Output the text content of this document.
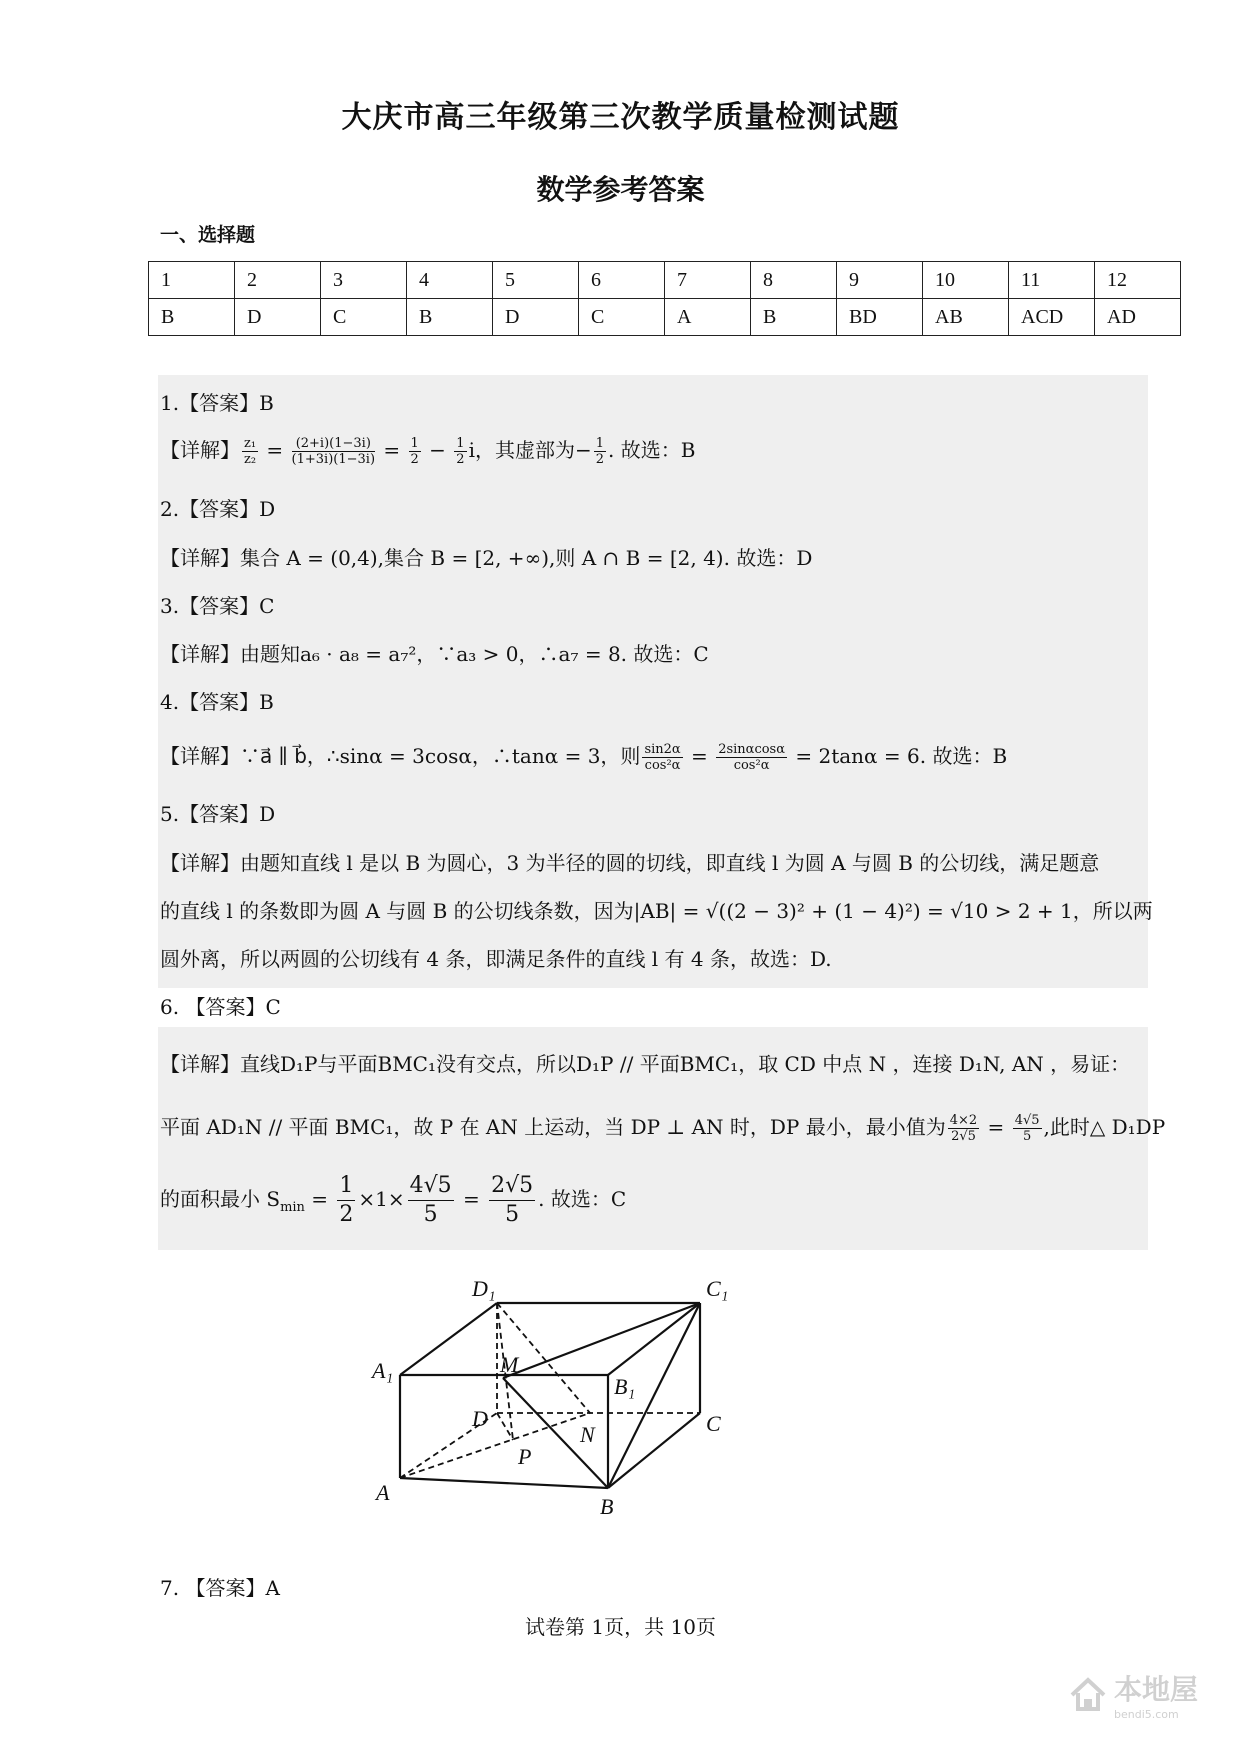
大庆市高三年级第三次教学质量检测试题
数学参考答案
一、选择题
1	2	3	4	5	6	7	8	9	10	11	12
B	D	C	B	D	C	A	B	BD	AB	ACD	AD
1.【答案】B
【详解】 $\frac{\text{z₁}}{\text{z₂}} = \frac{(2+i)(1-3i)}{(1+3i)(1-3i)} = \frac{1}{2} - \frac{1}{2}$ i，其虚部为− $\frac{1}{2}$ . 故选：B
2.【答案】D
【详解】集合 A = (0,4),集合 B = [2, +∞),则 A ∩ B = [2, 4). 故选：D
3.【答案】C
【详解】由题知a₆ · a₈ = a₇²，∵a₃ > 0，∴a₇ = 8. 故选：C
4.【答案】B
【详解】∵a⃗ ∥ b⃗，∴sinα = 3cosα，∴tanα = 3，则 $\frac{\sin 2\alpha}{\text{cos²α}} = \frac{2\sin\alpha\cos\alpha}{\text{cos²α}} = 2\tan\alpha = 6$. 故选：B
5.【答案】D
【详解】由题知直线 l 是以 B 为圆心，3 为半径的圆的切线，即直线 l 为圆 A 与圆 B 的公切线，满足题意
的直线 l 的条数即为圆 A 与圆 B 的公切线条数，因为|AB| = √((2 − 3)² + (1 − 4)²) = √10 > 2 + 1，所以两
圆外离，所以两圆的公切线有 4 条，即满足条件的直线 l 有 4 条，故选：D.
6. 【答案】C
【详解】直线D₁P与平面BMC₁没有交点，所以D₁P // 平面BMC₁，取 CD 中点 N ，连接 D₁N, AN ，易证：
平面 AD₁N // 平面 BMC₁，故 P 在 AN 上运动，当 DP ⊥ AN 时，DP 最小，最小值为 $\frac{4\times 2}{2√5} = \frac{4√5}{5}$ ,此时△ D₁DP
的面积最小 $S_{min} = \frac{1}{2} \times 1\times \frac{4√5}{5} = \frac{2√5}{5}$ . 故选：C
D₁	C₁
A₁
B₁
M
D
N	C
P
A
B
7. 【答案】A
试卷第 1页，共 10页
本地屋
bendi5.com
